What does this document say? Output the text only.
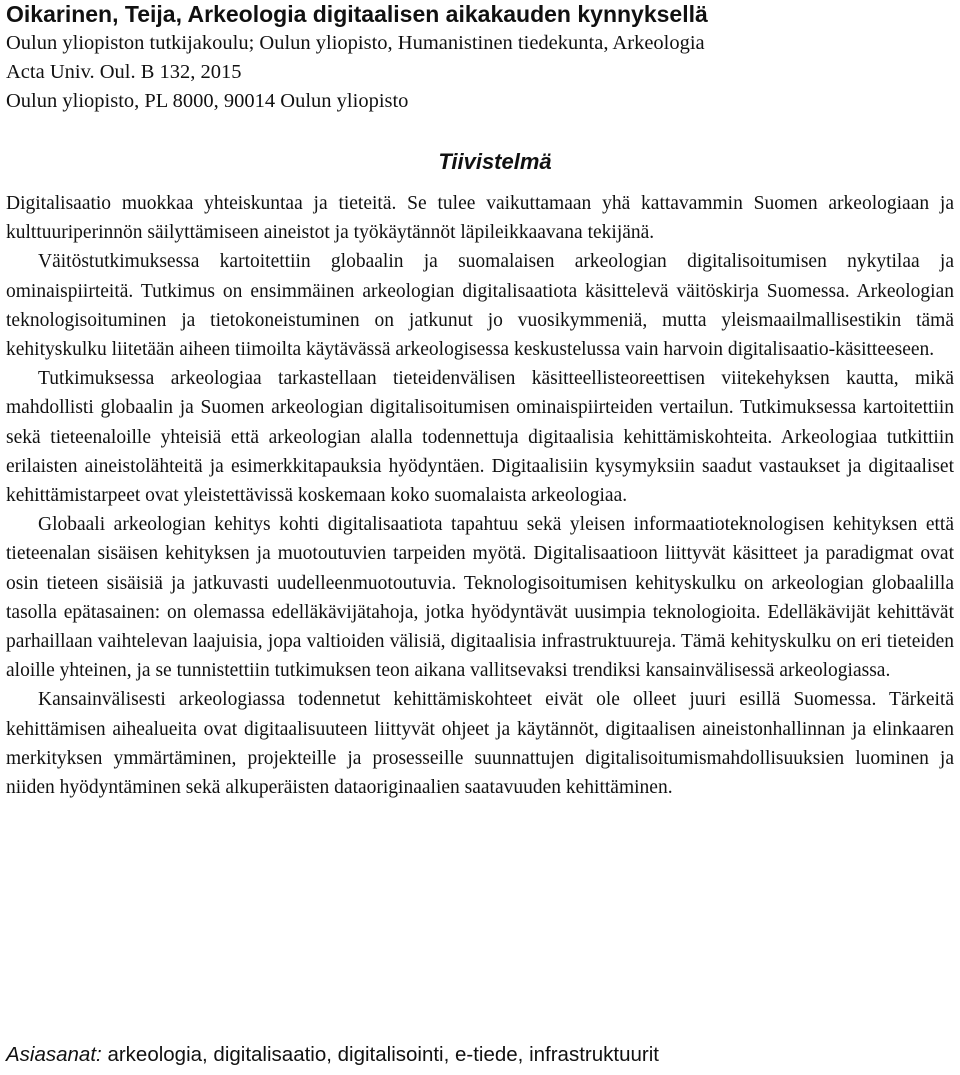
Oikarinen, Teija, Arkeologia digitaalisen aikakauden kynnyksellä
Oulun yliopiston tutkijakoulu; Oulun yliopisto, Humanistinen tiedekunta, Arkeologia
Acta Univ. Oul. B 132, 2015
Oulun yliopisto, PL 8000, 90014 Oulun yliopisto
Tiivistelmä

Digitalisaatio muokkaa yhteiskuntaa ja tieteitä. Se tulee vaikuttamaan yhä kattavammin Suomen arkeologiaan ja kulttuuriperinnön säilyttämiseen aineistot ja työkäytännöt läpileikkaavana tekijänä.

Väitöstutkimuksessa kartoitettiin globaalin ja suomalaisen arkeologian digitalisoitumisen nykytilaa ja ominaispiirteitä. Tutkimus on ensimmäinen arkeologian digitalisaatiota käsittelevä väitöskirja Suomessa. Arkeologian teknologisoituminen ja tietokoneistuminen on jatkunut jo vuosikymmeniä, mutta yleismaailmallisestikin tämä kehityskulku liitetään aiheen tiimoilta käytävässä arkeologisessa keskustelussa vain harvoin digitalisaatio-käsitteeseen.

Tutkimuksessa arkeologiaa tarkastellaan tieteidenvälisen käsitteellisteoreettisen viitekehyksen kautta, mikä mahdollisti globaalin ja Suomen arkeologian digitalisoitumisen ominaispiirteiden vertailun. Tutkimuksessa kartoitettiin sekä tieteenaloille yhteisiä että arkeologian alalla todennettuja digitaalisia kehittämiskohteita. Arkeologiaa tutkittiin erilaisten aineistolähteitä ja esimerkkitapauksia hyödyntäen. Digitaalisiin kysymyksiin saadut vastaukset ja digitaaliset kehittämistarpeet ovat yleistettävissä koskemaan koko suomalaista arkeologiaa.

Globaali arkeologian kehitys kohti digitalisaatiota tapahtuu sekä yleisen informaatioteknologisen kehityksen että tieteenalan sisäisen kehityksen ja muotoutuvien tarpeiden myötä. Digitalisaatioon liittyvät käsitteet ja paradigmat ovat osin tieteen sisäisiä ja jatkuvasti uudelleenmuotoutuvia. Teknologisoitumisen kehityskulku on arkeologian globaalilla tasolla epätasainen: on olemassa edelläkävijätahoja, jotka hyödyntävät uusimpia teknologioita. Edelläkävijät kehittävät parhaillaan vaihtelevan laajuisia, jopa valtioiden välisiä, digitaalisia infrastruktuureja. Tämä kehityskulku on eri tieteiden aloille yhteinen, ja se tunnistettiin tutkimuksen teon aikana vallitsevaksi trendiksi kansainvälisessä arkeologiassa.

Kansainvälisesti arkeologiassa todennetut kehittämiskohteet eivät ole olleet juuri esillä Suomessa. Tärkeitä kehittämisen aihealueita ovat digitaalisuuteen liittyvät ohjeet ja käytännöt, digitaalisen aineistonhallinnan ja elinkaaren merkityksen ymmärtäminen, projekteille ja prosesseille suunnattujen digitalisoitumismahdollisuuksien luominen ja niiden hyödyntäminen sekä alkuperäisten dataoriginaalien saatavuuden kehittäminen.

Asiasanat: arkeologia, digitalisaatio, digitalisointi, e-tiede, infrastruktuurit
